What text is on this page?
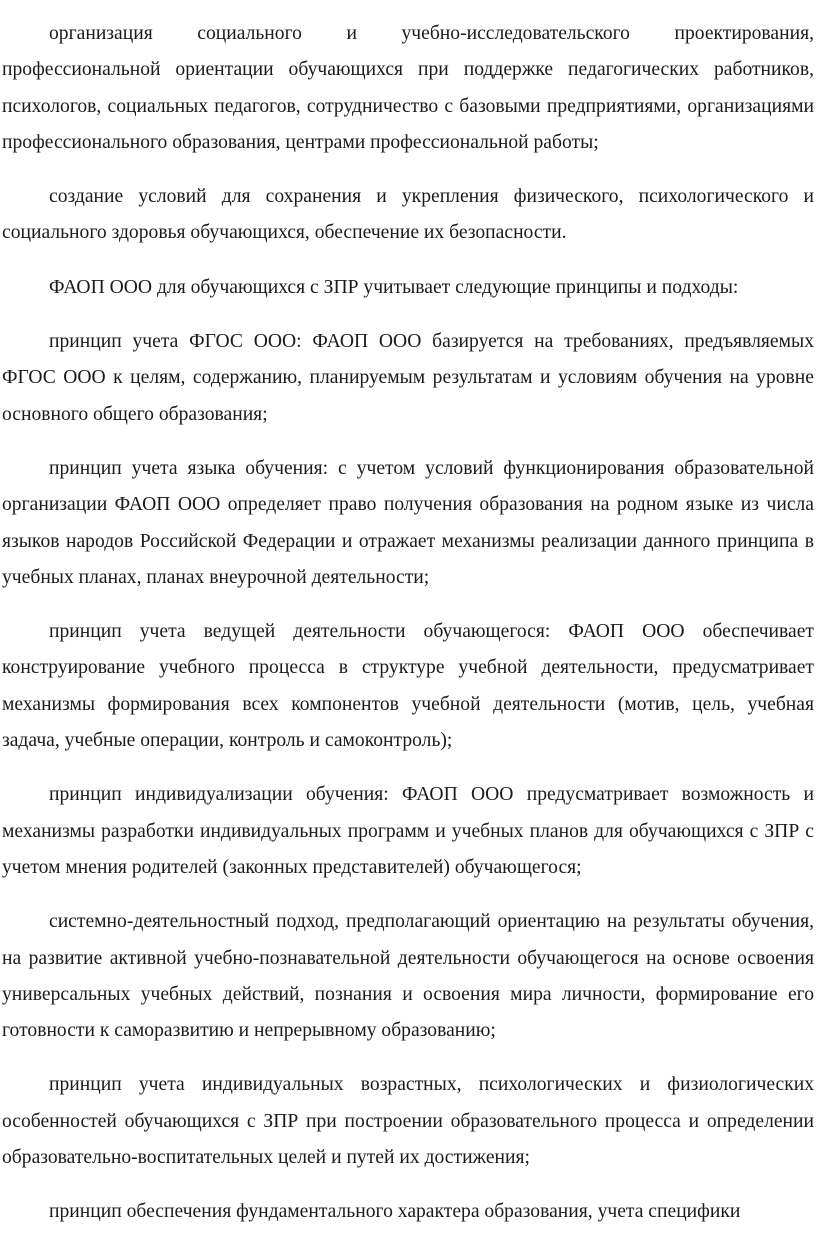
организация социального и учебно-исследовательского проектирования, профессиональной ориентации обучающихся при поддержке педагогических работников, психологов, социальных педагогов, сотрудничество с базовыми предприятиями, организациями профессионального образования, центрами профессиональной работы;

создание условий для сохранения и укрепления физического, психологического и социального здоровья обучающихся, обеспечение их безопасности.

ФАОП ООО для обучающихся с ЗПР учитывает следующие принципы и подходы:

принцип учета ФГОС ООО: ФАОП ООО базируется на требованиях, предъявляемых ФГОС ООО к целям, содержанию, планируемым результатам и условиям обучения на уровне основного общего образования;

принцип учета языка обучения: с учетом условий функционирования образовательной организации ФАОП ООО определяет право получения образования на родном языке из числа языков народов Российской Федерации и отражает механизмы реализации данного принципа в учебных планах, планах внеурочной деятельности;

принцип учета ведущей деятельности обучающегося: ФАОП ООО обеспечивает конструирование учебного процесса в структуре учебной деятельности, предусматривает механизмы формирования всех компонентов учебной деятельности (мотив, цель, учебная задача, учебные операции, контроль и самоконтроль);

принцип индивидуализации обучения: ФАОП ООО предусматривает возможность и механизмы разработки индивидуальных программ и учебных планов для обучающихся с ЗПР с учетом мнения родителей (законных представителей) обучающегося;

системно-деятельностный подход, предполагающий ориентацию на результаты обучения, на развитие активной учебно-познавательной деятельности обучающегося на основе освоения универсальных учебных действий, познания и освоения мира личности, формирование его готовности к саморазвитию и непрерывному образованию;

принцип учета индивидуальных возрастных, психологических и физиологических особенностей обучающихся с ЗПР при построении образовательного процесса и определении образовательно-воспитательных целей и путей их достижения;

принцип обеспечения фундаментального характера образования, учета специфики
